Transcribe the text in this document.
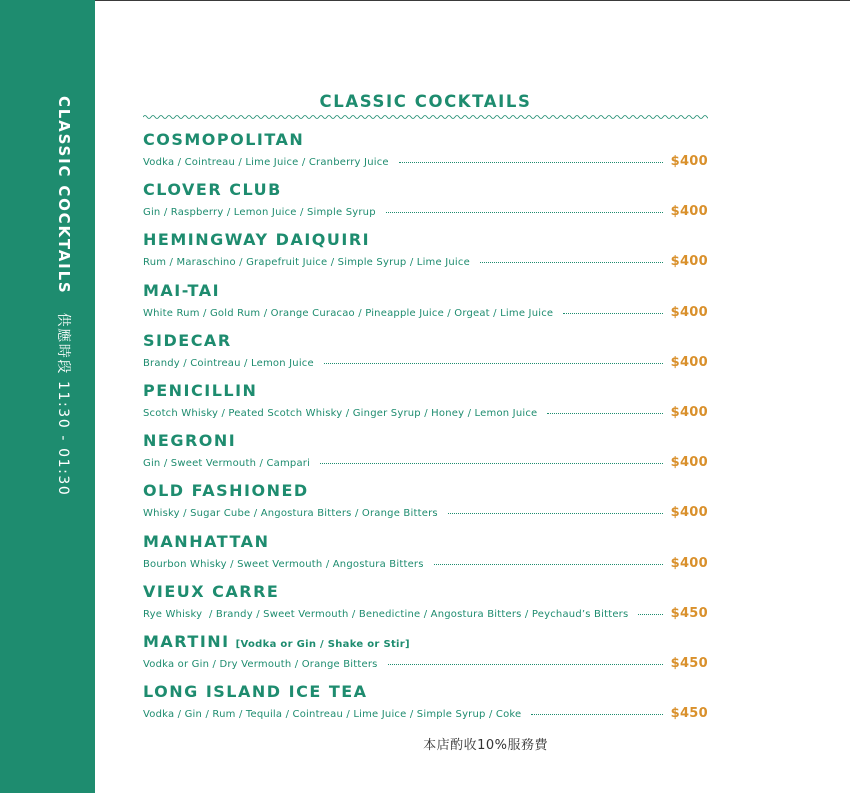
CLASSIC COCKTAILS供應時段 11:30 - 01:30
CLASSIC COCKTAILS
COSMOPOLITAN
Vodka / Cointreau / Lime Juice / Cranberry Juice	$400
CLOVER CLUB
Gin / Raspberry / Lemon Juice / Simple Syrup	$400
HEMINGWAY DAIQUIRI
Rum / Maraschino / Grapefruit Juice / Simple Syrup / Lime Juice	$400
MAI-TAI
White Rum / Gold Rum / Orange Curacao / Pineapple Juice / Orgeat / Lime Juice	$400
SIDECAR
Brandy / Cointreau / Lemon Juice	$400
PENICILLIN
Scotch Whisky / Peated Scotch Whisky / Ginger Syrup / Honey / Lemon Juice	$400
NEGRONI
Gin / Sweet Vermouth / Campari	$400
OLD FASHIONED
Whisky / Sugar Cube / Angostura Bitters / Orange Bitters	$400
MANHATTAN
Bourbon Whisky / Sweet Vermouth / Angostura Bitters	$400
VIEUX CARRE
Rye Whisky  / Brandy / Sweet Vermouth / Benedictine / Angostura Bitters / Peychaud’s Bitters	$450
MARTINI [Vodka or Gin / Shake or Stir]
Vodka or Gin / Dry Vermouth / Orange Bitters	$450
LONG ISLAND ICE TEA
Vodka / Gin / Rum / Tequila / Cointreau / Lime Juice / Simple Syrup / Coke	$450
本店酌收10%服務費
